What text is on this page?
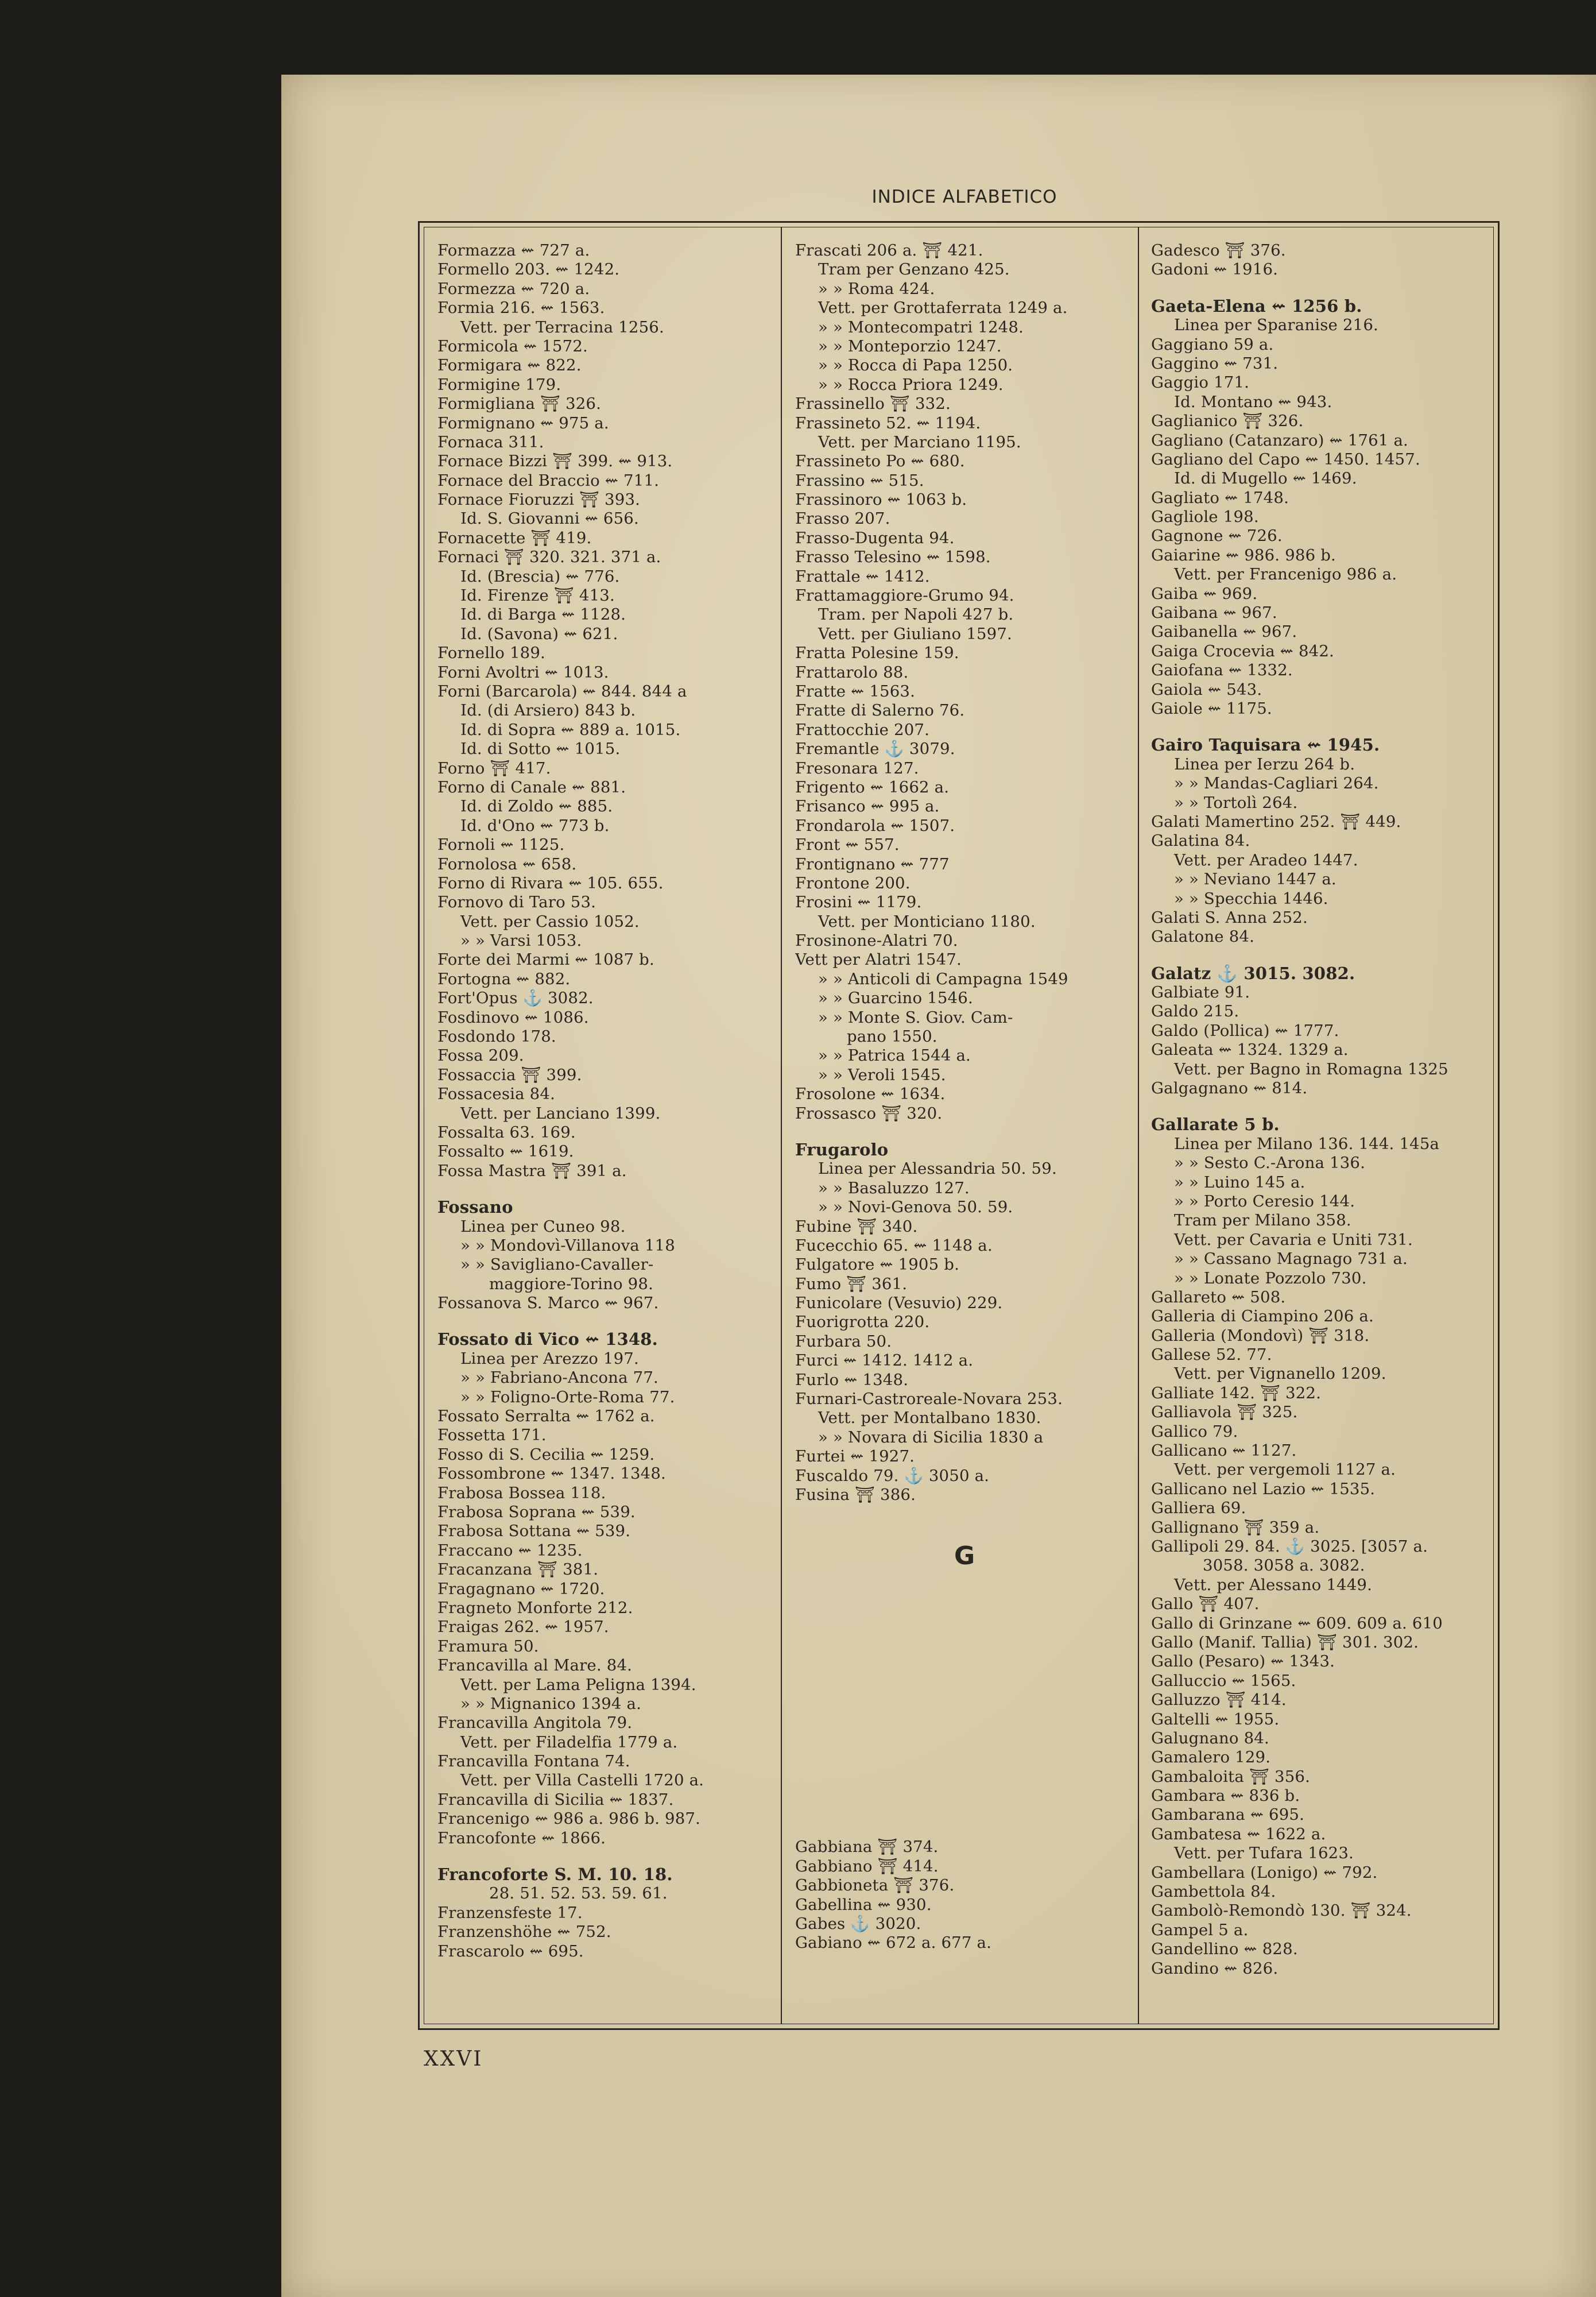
INDICE ALFABETICO
Formazza ⇜ 727 a.
Formello 203. ⇜ 1242.
Formezza ⇜ 720 a.
Formia 216. ⇜ 1563.
Vett. per Terracina 1256.
Formicola ⇜ 1572.
Formigara ⇜ 822.
Formigine 179.
Formigliana ⛩ 326.
Formignano ⇜ 975 a.
Fornaca 311.
Fornace Bizzi ⛩ 399. ⇜ 913.
Fornace del Braccio ⇜ 711.
Fornace Fioruzzi ⛩ 393.
Id. S. Giovanni ⇜ 656.
Fornacette ⛩ 419.
Fornaci ⛩ 320. 321. 371 a.
Id. (Brescia) ⇜ 776.
Id. Firenze ⛩ 413.
Id. di Barga ⇜ 1128.
Id. (Savona) ⇜ 621.
Fornello 189.
Forni Avoltri ⇜ 1013.
Forni (Barcarola) ⇜ 844. 844 a
Id. (di Arsiero) 843 b.
Id. di Sopra ⇜ 889 a. 1015.
Id. di Sotto ⇜ 1015.
Forno ⛩ 417.
Forno di Canale ⇜ 881.
Id. di Zoldo ⇜ 885.
Id. d'Ono ⇜ 773 b.
Fornoli ⇜ 1125.
Fornolosa ⇜ 658.
Forno di Rivara ⇜ 105. 655.
Fornovo di Taro 53.
Vett. per Cassio 1052.
» » Varsi 1053.
Forte dei Marmi ⇜ 1087 b.
Fortogna ⇜ 882.
Fort'Opus ⚓ 3082.
Fosdinovo ⇜ 1086.
Fosdondo 178.
Fossa 209.
Fossaccia ⛩ 399.
Fossacesia 84.
Vett. per Lanciano 1399.
Fossalta 63. 169.
Fossalto ⇜ 1619.
Fossa Mastra ⛩ 391 a.
Fossano
Linea per Cuneo 98.
» » Mondovì-Villanova 118
» » Savigliano-Cavaller-
maggiore-Torino 98.
Fossanova S. Marco ⇜ 967.
Fossato di Vico ⇜ 1348.
Linea per Arezzo 197.
» » Fabriano-Ancona 77.
» » Foligno-Orte-Roma 77.
Fossato Serralta ⇜ 1762 a.
Fossetta 171.
Fosso di S. Cecilia ⇜ 1259.
Fossombrone ⇜ 1347. 1348.
Frabosa Bossea 118.
Frabosa Soprana ⇜ 539.
Frabosa Sottana ⇜ 539.
Fraccano ⇜ 1235.
Fracanzana ⛩ 381.
Fragagnano ⇜ 1720.
Fragneto Monforte 212.
Fraigas 262. ⇜ 1957.
Framura 50.
Francavilla al Mare. 84.
Vett. per Lama Peligna 1394.
» » Mignanico 1394 a.
Francavilla Angitola 79.
Vett. per Filadelfia 1779 a.
Francavilla Fontana 74.
Vett. per Villa Castelli 1720 a.
Francavilla di Sicilia ⇜ 1837.
Francenigo ⇜ 986 a. 986 b. 987.
Francofonte ⇜ 1866.
Francoforte S. M. 10. 18.
28. 51. 52. 53. 59. 61.
Franzensfeste 17.
Franzenshöhe ⇜ 752.
Frascarolo ⇜ 695.
Frascati 206 a. ⛩ 421.
Tram per Genzano 425.
» » Roma 424.
Vett. per Grottaferrata 1249 a.
» » Montecompatri 1248.
» » Monteporzio 1247.
» » Rocca di Papa 1250.
» » Rocca Priora 1249.
Frassinello ⛩ 332.
Frassineto 52. ⇜ 1194.
Vett. per Marciano 1195.
Frassineto Po ⇜ 680.
Frassino ⇜ 515.
Frassinoro ⇜ 1063 b.
Frasso 207.
Frasso-Dugenta 94.
Frasso Telesino ⇜ 1598.
Frattale ⇜ 1412.
Frattamaggiore-Grumo 94.
Tram. per Napoli 427 b.
Vett. per Giuliano 1597.
Fratta Polesine 159.
Frattarolo 88.
Fratte ⇜ 1563.
Fratte di Salerno 76.
Frattocchie 207.
Fremantle ⚓ 3079.
Fresonara 127.
Frigento ⇜ 1662 a.
Frisanco ⇜ 995 a.
Frondarola ⇜ 1507.
Front ⇜ 557.
Frontignano ⇜ 777
Frontone 200.
Frosini ⇜ 1179.
Vett. per Monticiano 1180.
Frosinone-Alatri 70.
Vett per Alatri 1547.
» » Anticoli di Campagna 1549
» » Guarcino 1546.
» » Monte S. Giov. Cam-
pano 1550.
» » Patrica 1544 a.
» » Veroli 1545.
Frosolone ⇜ 1634.
Frossasco ⛩ 320.
Frugarolo
Linea per Alessandria 50. 59.
» » Basaluzzo 127.
» » Novi-Genova 50. 59.
Fubine ⛩ 340.
Fucecchio 65. ⇜ 1148 a.
Fulgatore ⇜ 1905 b.
Fumo ⛩ 361.
Funicolare (Vesuvio) 229.
Fuorigrotta 220.
Furbara 50.
Furci ⇜ 1412. 1412 a.
Furlo ⇜ 1348.
Furnari-Castroreale-Novara 253.
Vett. per Montalbano 1830.
» » Novara di Sicilia 1830 a
Furtei ⇜ 1927.
Fuscaldo 79. ⚓ 3050 a.
Fusina ⛩ 386.
G
Gabbiana ⛩ 374.
Gabbiano ⛩ 414.
Gabbioneta ⛩ 376.
Gabellina ⇜ 930.
Gabes ⚓ 3020.
Gabiano ⇜ 672 a. 677 a.
Gadesco ⛩ 376.
Gadoni ⇜ 1916.
Gaeta-Elena ⇜ 1256 b.
Linea per Sparanise 216.
Gaggiano 59 a.
Gaggino ⇜ 731.
Gaggio 171.
Id. Montano ⇜ 943.
Gaglianico ⛩ 326.
Gagliano (Catanzaro) ⇜ 1761 a.
Gagliano del Capo ⇜ 1450. 1457.
Id. di Mugello ⇜ 1469.
Gagliato ⇜ 1748.
Gagliole 198.
Gagnone ⇜ 726.
Gaiarine ⇜ 986. 986 b.
Vett. per Francenigo 986 a.
Gaiba ⇜ 969.
Gaibana ⇜ 967.
Gaibanella ⇜ 967.
Gaiga Crocevia ⇜ 842.
Gaiofana ⇜ 1332.
Gaiola ⇜ 543.
Gaiole ⇜ 1175.
Gairo Taquisara ⇜ 1945.
Linea per Ierzu 264 b.
» » Mandas-Cagliari 264.
» » Tortolì 264.
Galati Mamertino 252. ⛩ 449.
Galatina 84.
Vett. per Aradeo 1447.
» » Neviano 1447 a.
» » Specchia 1446.
Galati S. Anna 252.
Galatone 84.
Galatz ⚓ 3015. 3082.
Galbiate 91.
Galdo 215.
Galdo (Pollica) ⇜ 1777.
Galeata ⇜ 1324. 1329 a.
Vett. per Bagno in Romagna 1325
Galgagnano ⇜ 814.
Gallarate 5 b.
Linea per Milano 136. 144. 145a
» » Sesto C.-Arona 136.
» » Luino 145 a.
» » Porto Ceresio 144.
Tram per Milano 358.
Vett. per Cavaria e Uniti 731.
» » Cassano Magnago 731 a.
» » Lonate Pozzolo 730.
Gallareto ⇜ 508.
Galleria di Ciampino 206 a.
Galleria (Mondovì) ⛩ 318.
Gallese 52. 77.
Vett. per Vignanello 1209.
Galliate 142. ⛩ 322.
Galliavola ⛩ 325.
Gallico 79.
Gallicano ⇜ 1127.
Vett. per vergemoli 1127 a.
Gallicano nel Lazio ⇜ 1535.
Galliera 69.
Gallignano ⛩ 359 a.
Gallipoli 29. 84. ⚓ 3025. [3057 a.
3058. 3058 a. 3082.
Vett. per Alessano 1449.
Gallo ⛩ 407.
Gallo di Grinzane ⇜ 609. 609 a. 610
Gallo (Manif. Tallia) ⛩ 301. 302.
Gallo (Pesaro) ⇜ 1343.
Galluccio ⇜ 1565.
Galluzzo ⛩ 414.
Galtelli ⇜ 1955.
Galugnano 84.
Gamalero 129.
Gambaloita ⛩ 356.
Gambara ⇜ 836 b.
Gambarana ⇜ 695.
Gambatesa ⇜ 1622 a.
Vett. per Tufara 1623.
Gambellara (Lonigo) ⇜ 792.
Gambettola 84.
Gambolò-Remondò 130. ⛩ 324.
Gampel 5 a.
Gandellino ⇜ 828.
Gandino ⇜ 826.
XXVI
